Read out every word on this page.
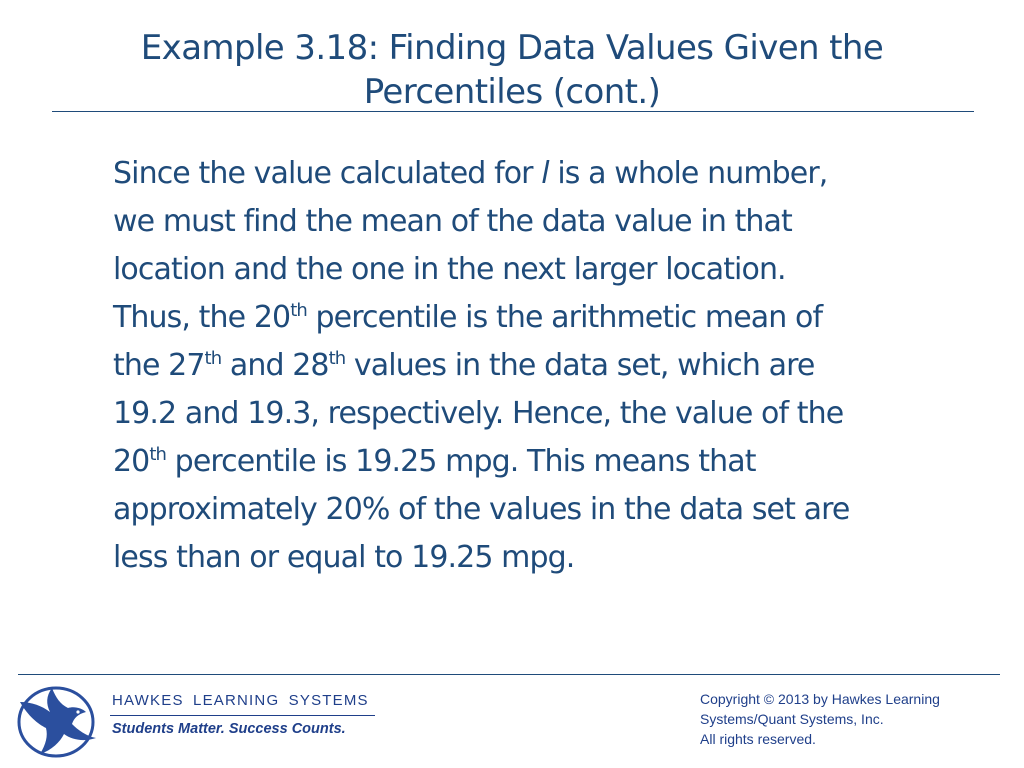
Example 3.18: Finding Data Values Given the
Percentiles (cont.)
Since the value calculated for l is a whole number,
we must find the mean of the data value in that
location and the one in the next larger location.
Thus, the 20th percentile is the arithmetic mean of
the 27th and 28th values in the data set, which are
19.2 and 19.3, respectively. Hence, the value of the
20th percentile is 19.25 mpg. This means that
approximately 20% of the values in the data set are
less than or equal to 19.25 mpg.
HAWKES LEARNING SYSTEMS
Students Matter. Success Counts.
Copyright © 2013 by Hawkes Learning
Systems/Quant Systems, Inc.
All rights reserved.
